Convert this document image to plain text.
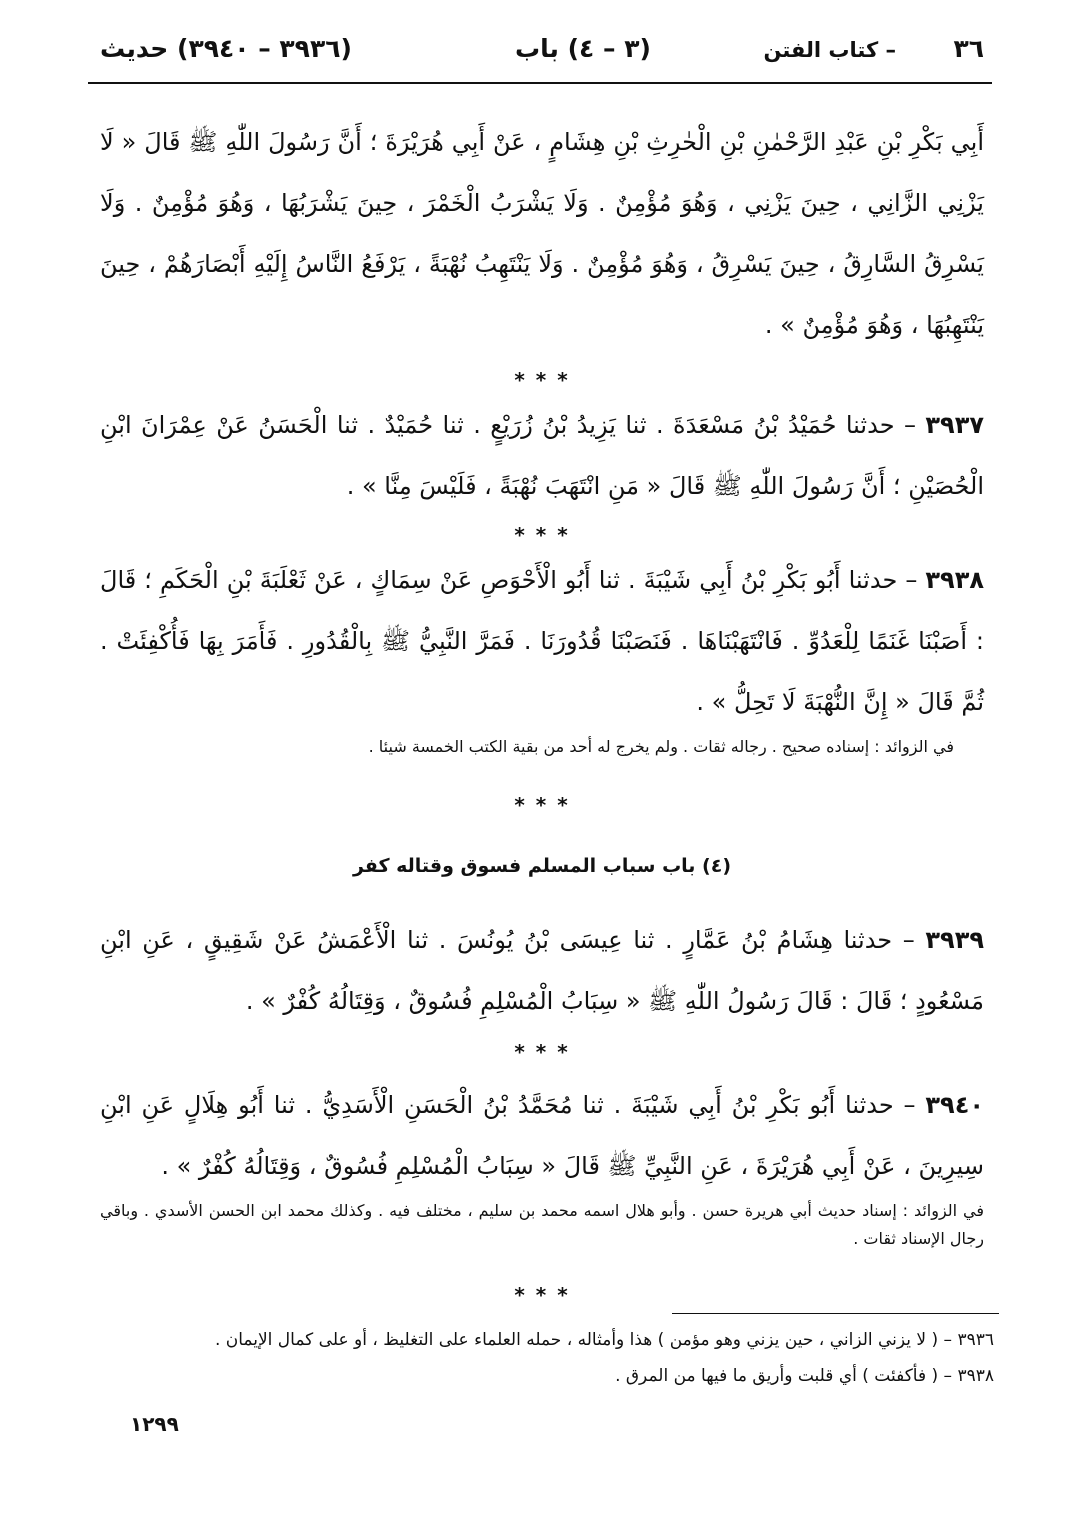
٣٦
– كتاب الفتن
(٣ – ٤) باب
(٣٩٣٦ – ٣٩٤٠) حديث

أَبِي بَكْرِ بْنِ عَبْدِ الرَّحْمٰنِ بْنِ الْحٰرِثِ بْنِ هِشَامٍ ، عَنْ أَبِي هُرَيْرَةَ ؛ أَنَّ رَسُولَ اللّٰهِ ﷺ قَالَ « لَا يَزْنِي الزَّانِي ، حِينَ يَزْنِي ، وَهُوَ مُؤْمِنٌ . وَلَا يَشْرَبُ الْخَمْرَ ، حِينَ يَشْرَبُهَا ، وَهُوَ مُؤْمِنٌ . وَلَا يَسْرِقُ السَّارِقُ ، حِينَ يَسْرِقُ ، وَهُوَ مُؤْمِنٌ . وَلَا يَنْتَهِبُ نُهْبَةً ، يَرْفَعُ النَّاسُ إِلَيْهِ أَبْصَارَهُمْ ، حِينَ يَنْتَهِبُهَا ، وَهُوَ مُؤْمِنٌ » .

* * *

٣٩٣٧ – حدثنا حُمَيْدُ بْنُ مَسْعَدَةَ . ثنا يَزِيدُ بْنُ زُرَيْعٍ . ثنا حُمَيْدٌ . ثنا الْحَسَنُ عَنْ عِمْرَانَ ابْنِ الْحُصَيْنِ ؛ أَنَّ رَسُولَ اللّٰهِ ﷺ قَالَ « مَنِ انْتَهَبَ نُهْبَةً ، فَلَيْسَ مِنَّا » .

* * *

٣٩٣٨ – حدثنا أَبُو بَكْرِ بْنُ أَبِي شَيْبَةَ . ثنا أَبُو الْأَحْوَصِ عَنْ سِمَاكٍ ، عَنْ ثَعْلَبَةَ بْنِ الْحَكَمِ ؛ قَالَ : أَصَبْنَا غَنَمًا لِلْعَدُوِّ . فَانْتَهَبْنَاهَا . فَنَصَبْنَا قُدُورَنَا . فَمَرَّ النَّبِيُّ ﷺ بِالْقُدُورِ . فَأَمَرَ بِهَا فَأُكْفِئَتْ . ثُمَّ قَالَ « إِنَّ النُّهْبَةَ لَا تَحِلُّ » .

في الزوائد : إسناده صحيح . رجاله ثقات . ولم يخرج له أحد من بقية الكتب الخمسة شيئا .

* * *
(٤) باب سباب المسلم فسوق وقتاله كفر

٣٩٣٩ – حدثنا هِشَامُ بْنُ عَمَّارٍ . ثنا عِيسَى بْنُ يُونُسَ . ثنا الْأَعْمَشُ عَنْ شَقِيقٍ ، عَنِ ابْنِ مَسْعُودٍ ؛ قَالَ : قَالَ رَسُولُ اللّٰهِ ﷺ « سِبَابُ الْمُسْلِمِ فُسُوقٌ ، وَقِتَالُهُ كُفْرٌ » .

* * *

٣٩٤٠ – حدثنا أَبُو بَكْرِ بْنُ أَبِي شَيْبَةَ . ثنا مُحَمَّدُ بْنُ الْحَسَنِ الْأَسَدِيُّ . ثنا أَبُو هِلَالٍ عَنِ ابْنِ سِيرِينَ ، عَنْ أَبِي هُرَيْرَةَ ، عَنِ النَّبِيِّ ﷺ قَالَ « سِبَابُ الْمُسْلِمِ فُسُوقٌ ، وَقِتَالُهُ كُفْرٌ » .

في الزوائد : إسناد حديث أبي هريرة حسن . وأبو هلال اسمه محمد بن سليم ، مختلف فيه . وكذلك محمد ابن الحسن الأسدي . وباقي رجال الإسناد ثقات .

* * *

٣٩٣٦ – ( لا يزني الزاني ، حين يزني وهو مؤمن ) هذا وأمثاله ، حمله العلماء على التغليظ ، أو على كمال الإيمان .

٣٩٣٨ – ( فأكفئت ) أي قلبت وأريق ما فيها من المرق .

١٢٩٩
